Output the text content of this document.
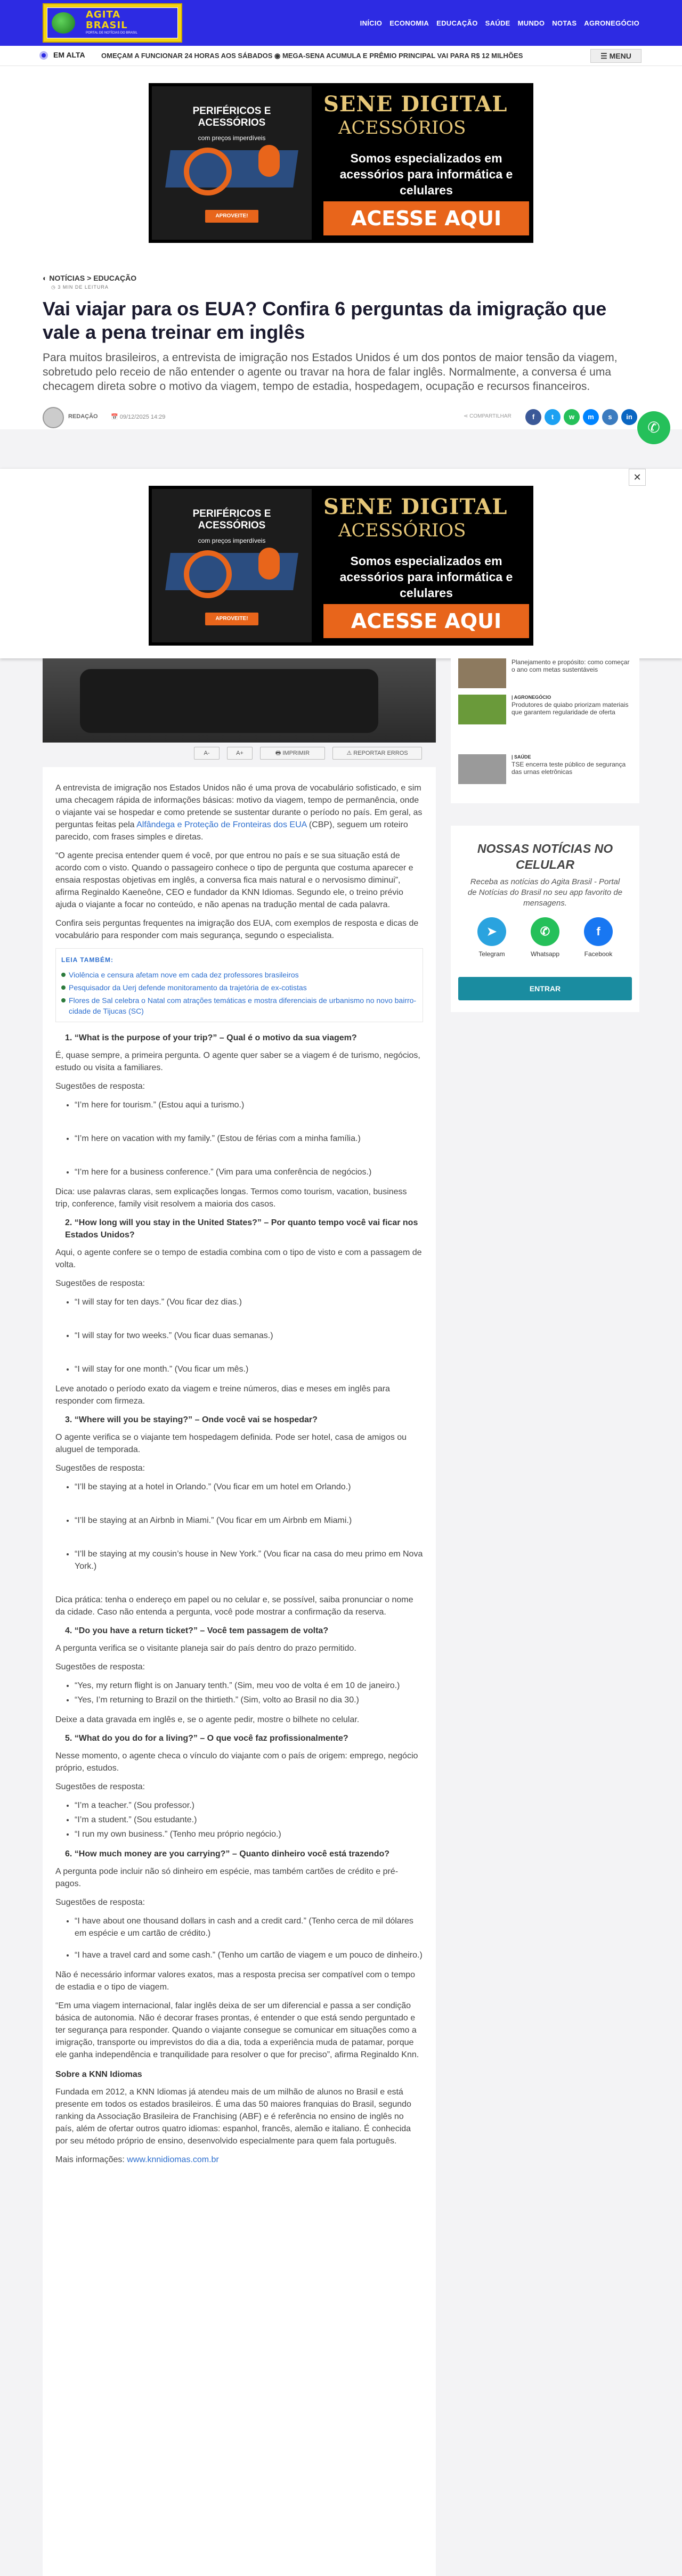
AGITA
BRASIL
PORTAL DE NOTÍCIAS DO BRASIL
INÍCIO ECONOMIA EDUCAÇÃO SAÚDE MUNDO NOTAS AGRONEGÓCIO
EM ALTA OMEÇAM A FUNCIONAR 24 HORAS AOS SÁBADOS ◉ MEGA-SENA ACUMULA E PRÊMIO PRINCIPAL VAI PARA R$ 12 MILHÕES	☰ MENU
PERIFÉRICOS E ACESSÓRIOS
com preços imperdíveis
APROVEITE!
SENE DIGITAL
ACESSÓRIOS
Somos especializados em acessórios para informática e celulares
ACESSE AQUI
◐ NOTÍCIAS > EDUCAÇÃO
◷ 3 MIN DE LEITURA
Vai viajar para os EUA? Confira 6 perguntas da imigração que vale a pena treinar em inglês
Para muitos brasileiros, a entrevista de imigração nos Estados Unidos é um dos pontos de maior tensão da viagem, sobretudo pelo receio de não entender o agente ou travar na hora de falar inglês. Normalmente, a conversa é uma checagem direta sobre o motivo da viagem, tempo de estadia, hospedagem, ocupação e recursos financeiros.
REDAÇÃO 📅 09/12/2025 14:29	⋖ COMPARTILHAR	f	t	w	m	s	in
✆
✕
PERIFÉRICOS E ACESSÓRIOS
com preços imperdíveis
APROVEITE!
SENE DIGITAL
ACESSÓRIOS
Somos especializados em acessórios para informática e celulares
ACESSE AQUI
A-	A+	🖶 IMPRIMIR	⚠ REPORTAR ERROS
Planejamento e propósito: como começar o ano com metas sustentáveis
| AGRONEGÓCIO
Produtores de quiabo priorizam materiais que garantem regularidade de oferta
| SAÚDE
TSE encerra teste público de segurança das urnas eletrônicas
NOSSAS NOTÍCIAS NO CELULAR
Receba as notícias do Agita Brasil - Portal de Notícias do Brasil no seu app favorito de mensagens.
➤	✆	f
Telegram	Whatsapp	Facebook
ENTRAR

A entrevista de imigração nos Estados Unidos não é uma prova de vocabulário sofisticado, e sim uma checagem rápida de informações básicas: motivo da viagem, tempo de permanência, onde o viajante vai se hospedar e como pretende se sustentar durante o período no país. Em geral, as perguntas feitas pela Alfândega e Proteção de Fronteiras dos EUA (CBP), seguem um roteiro parecido, com frases simples e diretas.

“O agente precisa entender quem é você, por que entrou no país e se sua situação está de acordo com o visto. Quando o passageiro conhece o tipo de pergunta que costuma aparecer e ensaia respostas objetivas em inglês, a conversa fica mais natural e o nervosismo diminui”, afirma Reginaldo Kaeneône, CEO e fundador da KNN Idiomas. Segundo ele, o treino prévio ajuda o viajante a focar no conteúdo, e não apenas na tradução mental de cada palavra.

Confira seis perguntas frequentes na imigração dos EUA, com exemplos de resposta e dicas de vocabulário para responder com mais segurança, segundo o especialista.

LEIA TAMBÉM:
Violência e censura afetam nove em cada dez professores brasileiros
Pesquisador da Uerj defende monitoramento da trajetória de ex-cotistas
Flores de Sal celebra o Natal com atrações temáticas e mostra diferenciais de urbanismo no novo bairro-cidade de Tijucas (SC)
1. “What is the purpose of your trip?” – Qual é o motivo da sua viagem?

É, quase sempre, a primeira pergunta. O agente quer saber se a viagem é de turismo, negócios, estudo ou visita a familiares.

Sugestões de resposta:

• “I’m here for tourism.” (Estou aqui a turismo.)
• “I’m here on vacation with my family.” (Estou de férias com a minha família.)
• “I’m here for a business conference.” (Vim para uma conferência de negócios.)

Dica: use palavras claras, sem explicações longas. Termos como tourism, vacation, business trip, conference, family visit resolvem a maioria dos casos.

2. “How long will you stay in the United States?” – Por quanto tempo você vai ficar nos Estados Unidos?

Aqui, o agente confere se o tempo de estadia combina com o tipo de visto e com a passagem de volta.

Sugestões de resposta:

• “I will stay for ten days.” (Vou ficar dez dias.)
• “I will stay for two weeks.” (Vou ficar duas semanas.)
• “I will stay for one month.” (Vou ficar um mês.)

Leve anotado o período exato da viagem e treine números, dias e meses em inglês para responder com firmeza.

3. “Where will you be staying?” – Onde você vai se hospedar?

O agente verifica se o viajante tem hospedagem definida. Pode ser hotel, casa de amigos ou aluguel de temporada.

Sugestões de resposta:

• “I’ll be staying at a hotel in Orlando.” (Vou ficar em um hotel em Orlando.)
• “I’ll be staying at an Airbnb in Miami.” (Vou ficar em um Airbnb em Miami.)
• “I’ll be staying at my cousin’s house in New York.” (Vou ficar na casa do meu primo em Nova York.)

Dica prática: tenha o endereço em papel ou no celular e, se possível, saiba pronunciar o nome da cidade. Caso não entenda a pergunta, você pode mostrar a confirmação da reserva.

4. “Do you have a return ticket?” – Você tem passagem de volta?

A pergunta verifica se o visitante planeja sair do país dentro do prazo permitido.

Sugestões de resposta:

• “Yes, my return flight is on January tenth.” (Sim, meu voo de volta é em 10 de janeiro.)
• “Yes, I’m returning to Brazil on the thirtieth.” (Sim, volto ao Brasil no dia 30.)

Deixe a data gravada em inglês e, se o agente pedir, mostre o bilhete no celular.

5. “What do you do for a living?” – O que você faz profissionalmente?

Nesse momento, o agente checa o vínculo do viajante com o país de origem: emprego, negócio próprio, estudos.

Sugestões de resposta:

• “I’m a teacher.” (Sou professor.)
• “I’m a student.” (Sou estudante.)
• “I run my own business.” (Tenho meu próprio negócio.)
6. “How much money are you carrying?” – Quanto dinheiro você está trazendo?

A pergunta pode incluir não só dinheiro em espécie, mas também cartões de crédito e pré-pagos.

Sugestões de resposta:

• “I have about one thousand dollars in cash and a credit card.” (Tenho cerca de mil dólares em espécie e um cartão de crédito.)
• “I have a travel card and some cash.” (Tenho um cartão de viagem e um pouco de dinheiro.)

Não é necessário informar valores exatos, mas a resposta precisa ser compatível com o tempo de estadia e o tipo de viagem.

“Em uma viagem internacional, falar inglês deixa de ser um diferencial e passa a ser condição básica de autonomia. Não é decorar frases prontas, é entender o que está sendo perguntado e ter segurança para responder. Quando o viajante consegue se comunicar em situações como a imigração, transporte ou imprevistos do dia a dia, toda a experiência muda de patamar, porque ele ganha independência e tranquilidade para resolver o que for preciso”, afirma Reginaldo Knn.

Sobre a KNN Idiomas

Fundada em 2012, a KNN Idiomas já atendeu mais de um milhão de alunos no Brasil e está presente em todos os estados brasileiros. É uma das 50 maiores franquias do Brasil, segundo ranking da Associação Brasileira de Franchising (ABF) e é referência no ensino de inglês no país, além de ofertar outros quatro idiomas: espanhol, francês, alemão e italiano. É conhecida por seu método próprio de ensino, desenvolvido especialmente para quem fala português.

Mais informações: www.knnidiomas.com.br
